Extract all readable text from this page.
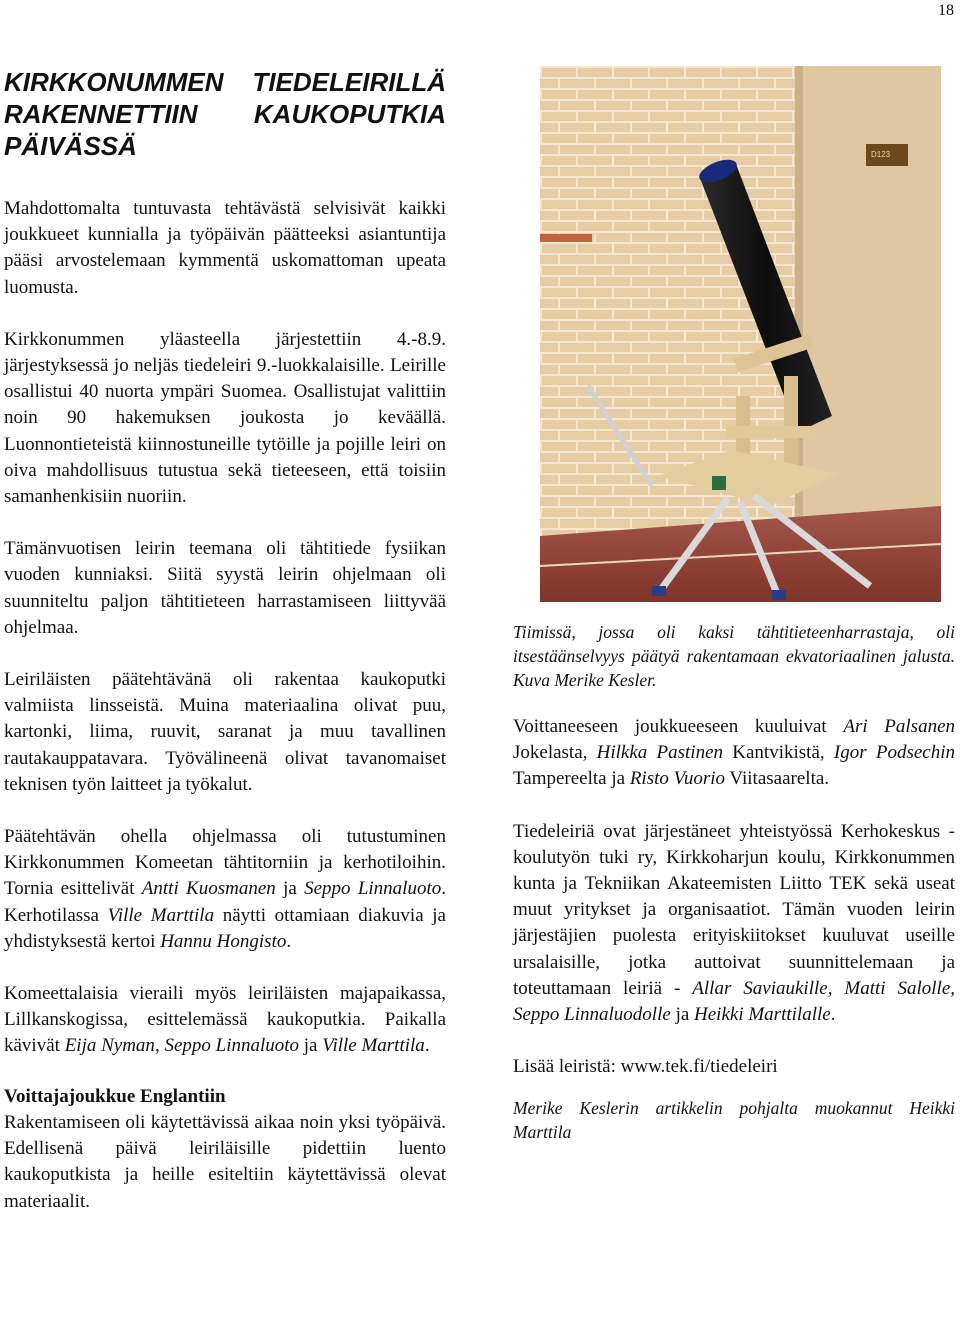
18
KIRKKONUMMEN TIEDELEIRILLÄ RAKENNETTIIN KAUKOPUTKIA
PÄIVÄSSÄ

Mahdottomalta tuntuvasta tehtävästä selvisivät kaikki joukkueet kunnialla ja työpäivän päätteeksi asiantuntija pääsi arvostelemaan kymmentä uskomattoman upeata luomusta.

Kirkkonummen yläasteella järjestettiin 4.-8.9. järjestyksessä jo neljäs tiedeleiri 9.-luokkalaisille. Leirille osallistui 40 nuorta ympäri Suomea. Osallistujat valittiin noin 90 hakemuksen joukosta jo keväällä. Luonnontieteistä kiinnostuneille tytöille ja pojille leiri on oiva mahdollisuus tutustua sekä tieteeseen, että toisiin samanhenkisiin nuoriin.

Tämänvuotisen leirin teemana oli tähtitiede fysiikan vuoden kunniaksi. Siitä syystä leirin ohjelmaan oli suunniteltu paljon tähtitieteen harrastamiseen liittyvää ohjelmaa.

Leiriläisten päätehtävänä oli rakentaa kaukoputki valmiista linsseistä. Muina materiaalina olivat puu, kartonki, liima, ruuvit, saranat ja muu tavallinen rautakauppatavara. Työvälineenä olivat tavanomaiset teknisen työn laitteet ja työkalut.

Päätehtävän ohella ohjelmassa oli tutustuminen Kirkkonummen Komeetan tähtitorniin ja kerhotiloihin. Tornia esittelivät Antti Kuosmanen ja Seppo Linnaluoto. Kerhotilassa Ville Marttila näytti ottamiaan diakuvia ja yhdistyksestä kertoi Hannu Hongisto.

Komeettalaisia vieraili myös leiriläisten majapaikassa, Lillkanskogissa, esittelemässä kaukoputkia. Paikalla kävivät Eija Nyman, Seppo Linnaluoto ja Ville Marttila.

Voittajajoukkue Englantiin
Rakentamiseen oli käytettävissä aikaa noin yksi työpäivä. Edellisenä päivä leiriläisille pidettiin luento kaukoputkista ja heille esiteltiin käytettävissä olevat materiaalit.

D123

Tiimissä, jossa oli kaksi tähtitieteenharrastaja, oli itsestäänselvyys päätyä rakentamaan ekvatoriaalinen jalusta. Kuva Merike Kesler.

Voittaneeseen joukkueeseen kuuluivat Ari Palsanen Jokelasta, Hilkka Pastinen Kantvikistä, Igor Podsechin Tampereelta ja Risto Vuorio Viitasaarelta.

Tiedeleiriä ovat järjestäneet yhteistyössä Kerhokeskus - koulutyön tuki ry, Kirkkoharjun koulu, Kirkkonummen kunta ja Tekniikan Akateemisten Liitto TEK sekä useat muut yritykset ja organisaatiot. Tämän vuoden leirin järjestäjien puolesta erityiskiitokset kuuluvat useille ursalaisille, jotka auttoivat suunnittelemaan ja toteuttamaan leiriä - Allar Saviaukille, Matti Salolle, Seppo Linnaluodolle ja Heikki Marttilalle.

Lisää leiristä: www.tek.fi/tiedeleiri

Merike Keslerin artikkelin pohjalta muokannut Heikki Marttila
